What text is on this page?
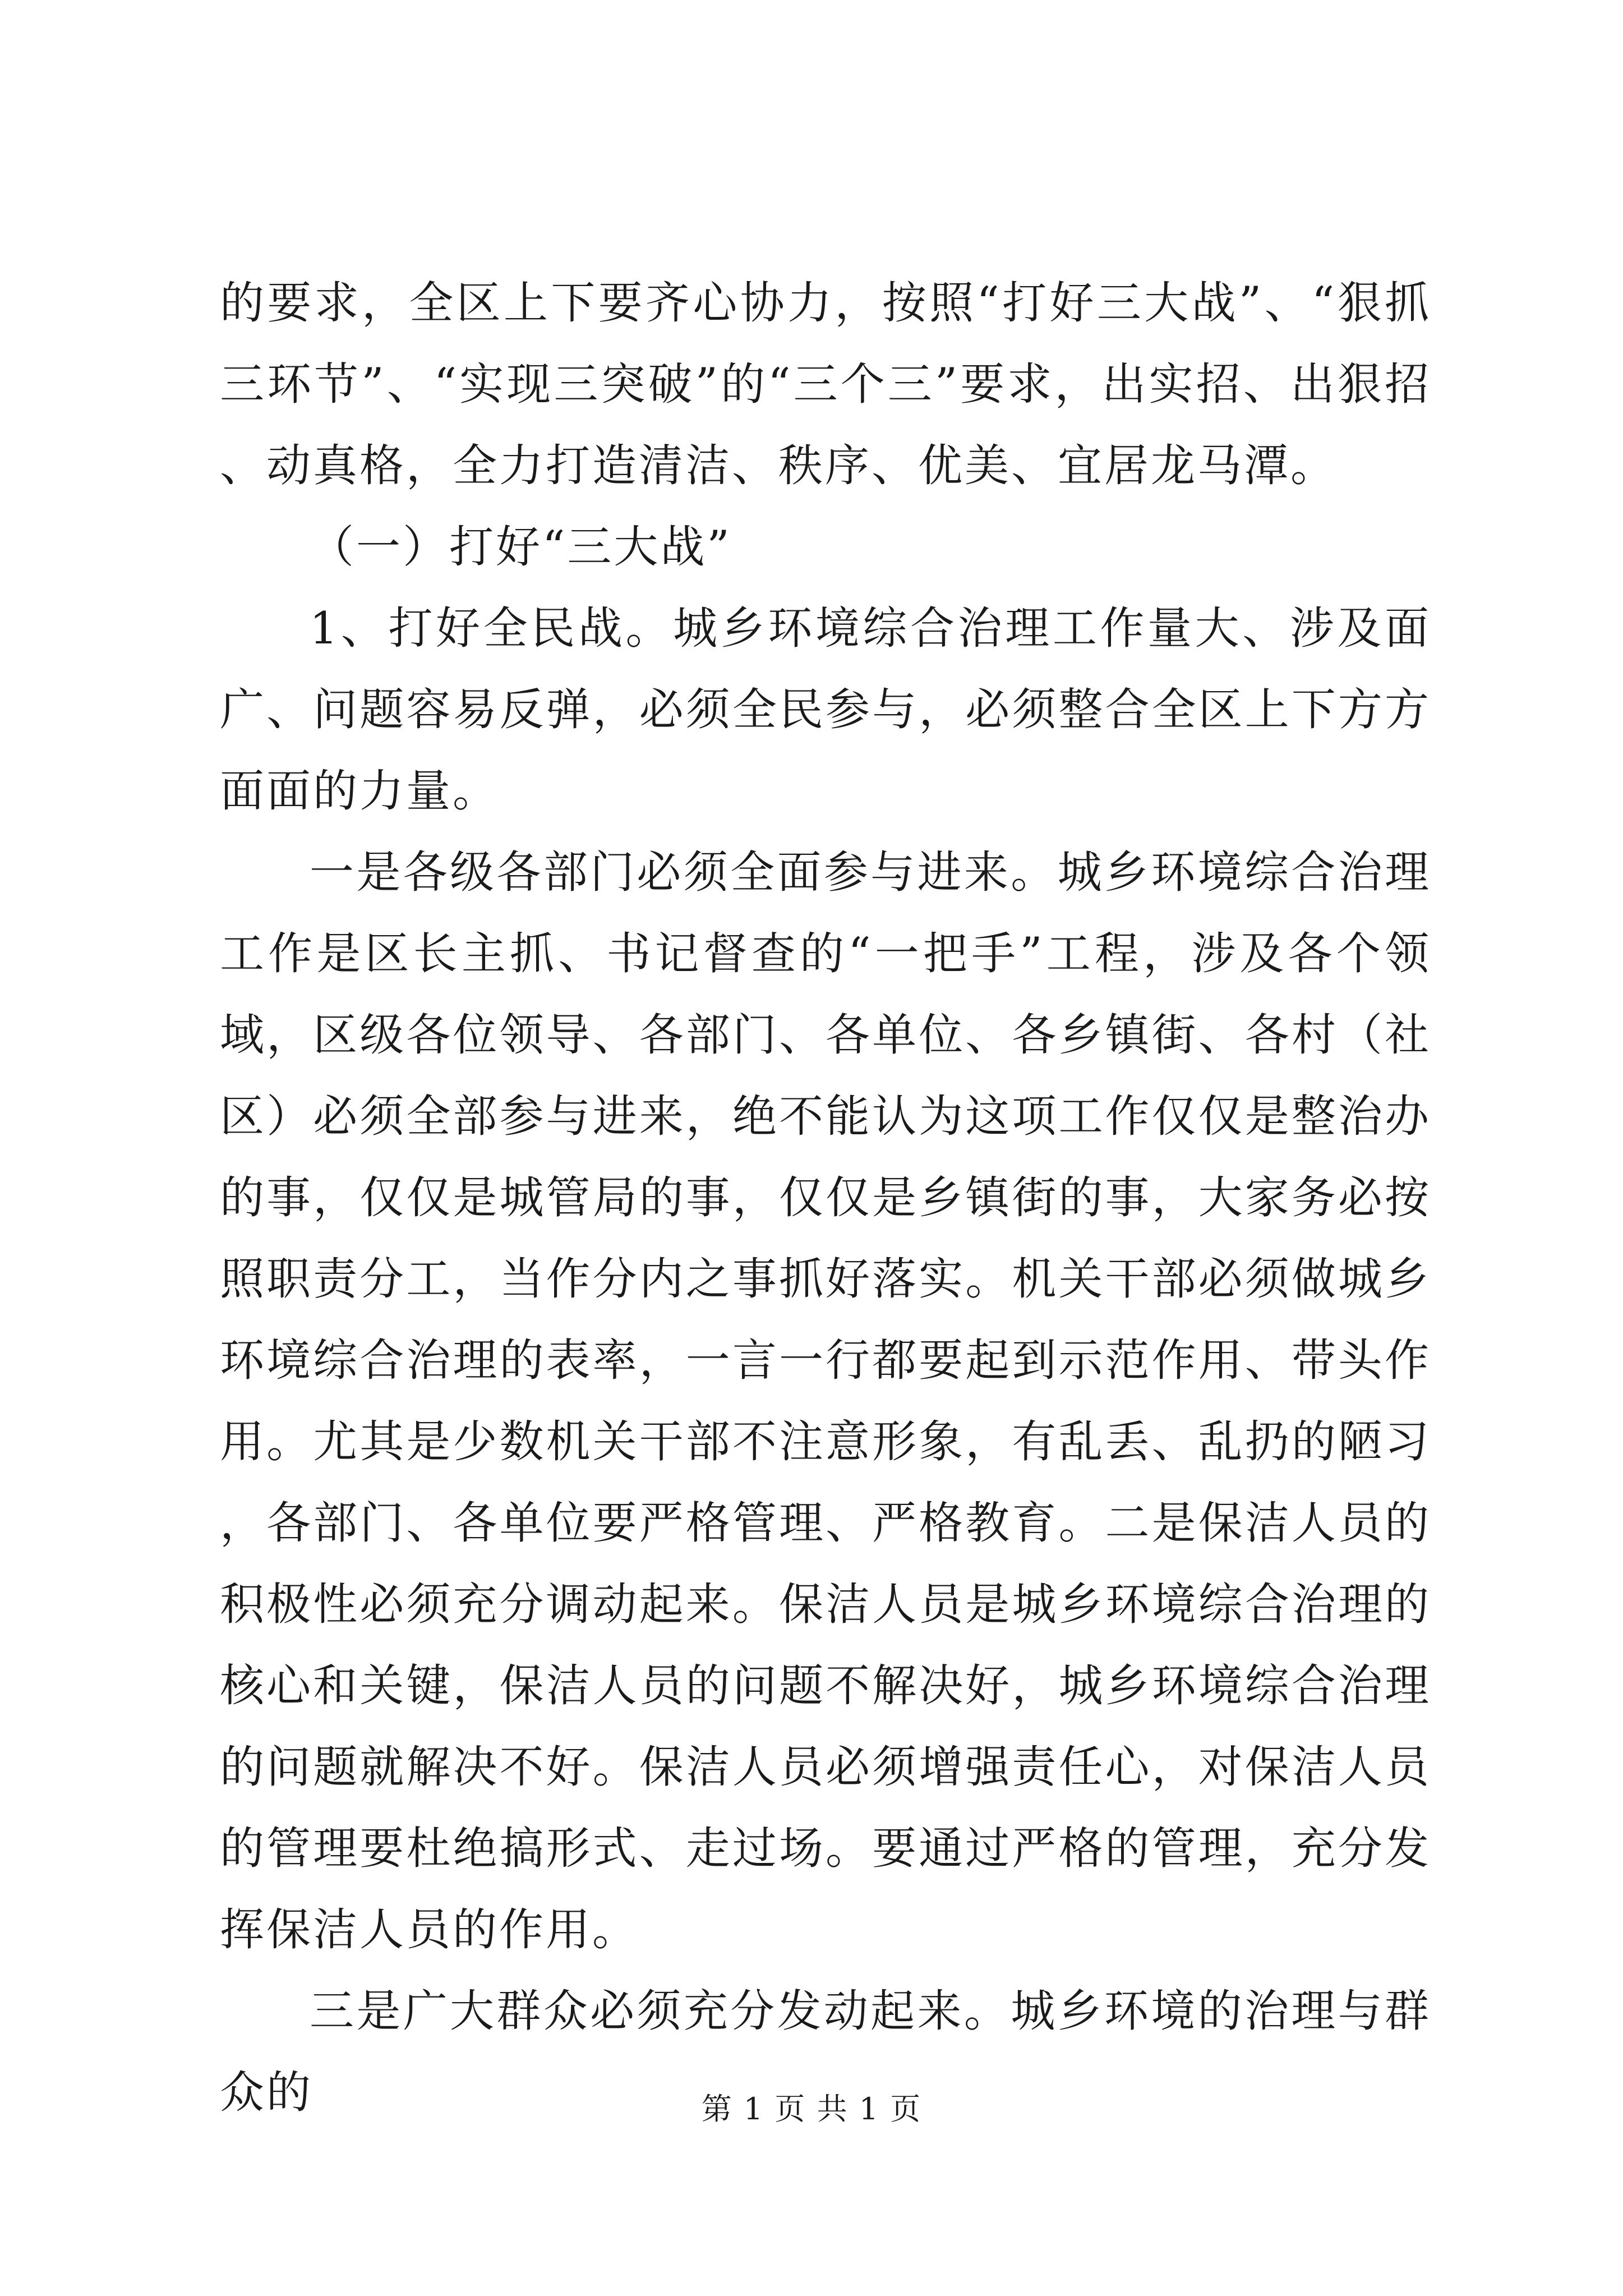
的要求，全区上下要齐心协力，按照“打好三大战”、“狠抓三环节”、“实现三突破”的“三个三”要求，出实招、出狠招、动真格，全力打造清洁、秩序、优美、宜居龙马潭。

（一）打好“三大战”

1、打好全民战。城乡环境综合治理工作量大、涉及面广、问题容易反弹，必须全民参与，必须整合全区上下方方面面的力量。

一是各级各部门必须全面参与进来。城乡环境综合治理工作是区长主抓、书记督查的“一把手”工程，涉及各个领域，区级各位领导、各部门、各单位、各乡镇街、各村（社区）必须全部参与进来，绝不能认为这项工作仅仅是整治办的事，仅仅是城管局的事，仅仅是乡镇街的事，大家务必按照职责分工，当作分内之事抓好落实。机关干部必须做城乡环境综合治理的表率，一言一行都要起到示范作用、带头作用。尤其是少数机关干部不注意形象，有乱丢、乱扔的陋习，各部门、各单位要严格管理、严格教育。二是保洁人员的积极性必须充分调动起来。保洁人员是城乡环境综合治理的核心和关键，保洁人员的问题不解决好，城乡环境综合治理的问题就解决不好。保洁人员必须增强责任心，对保洁人员的管理要杜绝搞形式、走过场。要通过严格的管理，充分发挥保洁人员的作用。

三是广大群众必须充分发动起来。城乡环境的治理与群众的	第 1 页 共 1 页
